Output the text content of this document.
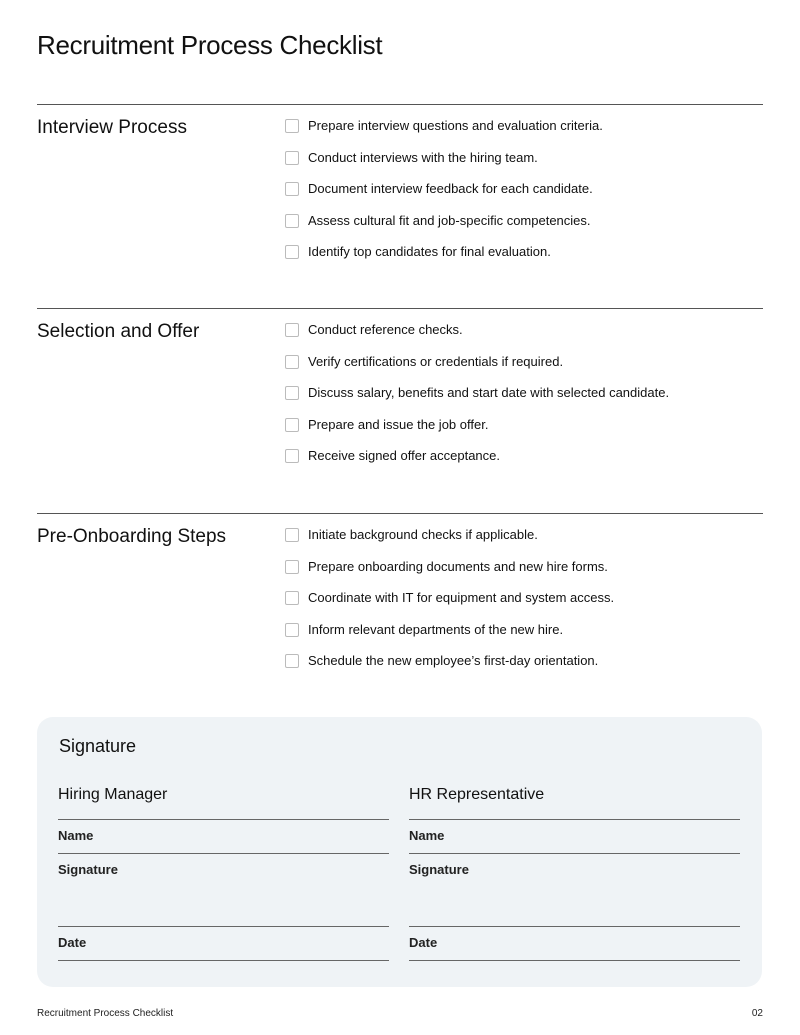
Recruitment Process Checklist
Interview Process	Prepare interview questions and evaluation criteria.
Conduct interviews with the hiring team.
Document interview feedback for each candidate.
Assess cultural fit and job-specific competencies.
Identify top candidates for final evaluation.
Selection and Offer	Conduct reference checks.
Verify certifications or credentials if required.
Discuss salary, benefits and start date with selected candidate.
Prepare and issue the job offer.
Receive signed offer acceptance.
Pre-Onboarding Steps	Initiate background checks if applicable.
Prepare onboarding documents and new hire forms.
Coordinate with IT for equipment and system access.
Inform relevant departments of the new hire.
Schedule the new employee’s first-day orientation.
Signature
Hiring Manager
Name
Signature
Date
HR Representative
Name
Signature
Date
Recruitment Process Checklist	02
